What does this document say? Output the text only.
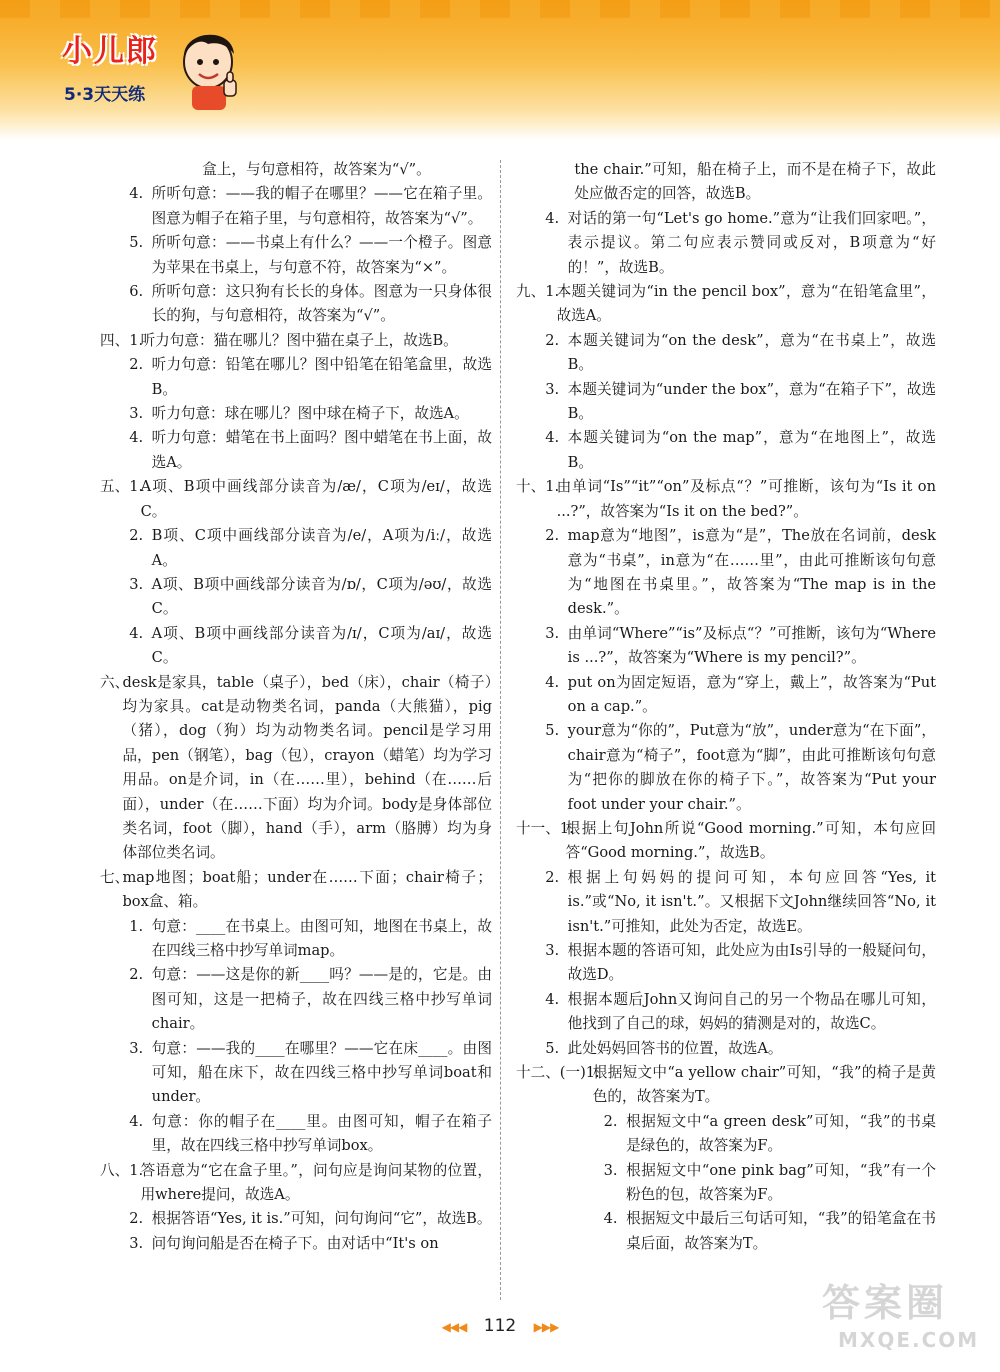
小儿郎
5·3天天练
盒上，与句意相符，故答案为“√”。
4. 所听句意：——我的帽子在哪里？——它在箱子里。图意为帽子在箱子里，与句意相符，故答案为“√”。
5. 所听句意：——书桌上有什么？——一个橙子。图意为苹果在书桌上，与句意不符，故答案为“×”。
6. 所听句意：这只狗有长长的身体。图意为一只身体很长的狗，与句意相符，故答案为“√”。
四、1.
听力句意：猫在哪儿？图中猫在桌子上，故选B。
2. 听力句意：铅笔在哪儿？图中铅笔在铅笔盒里，故选B。
3. 听力句意：球在哪儿？图中球在椅子下，故选A。
4. 听力句意：蜡笔在书上面吗？图中蜡笔在书上面，故选A。
五、1.
A项、B项中画线部分读音为/æ/，C项为/eɪ/，故选C。
2. B项、C项中画线部分读音为/e/，A项为/iː/，故选A。
3. A项、B项中画线部分读音为/ɒ/，C项为/əʊ/，故选C。
4. A项、B项中画线部分读音为/ɪ/，C项为/aɪ/，故选C。
六、
desk是家具，table（桌子），bed（床），chair（椅子）均为家具。cat是动物类名词，panda（大熊猫），pig（猪），dog（狗）均为动物类名词。pencil是学习用品，pen（钢笔），bag（包），crayon（蜡笔）均为学习用品。on是介词，in（在……里），behind（在……后面），under（在……下面）均为介词。body是身体部位类名词，foot（脚），hand（手），arm（胳膊）均为身体部位类名词。
七、
map地图；boat船；under在……下面；chair椅子；box盒、箱。
1. 句意：____在书桌上。由图可知，地图在书桌上，故在四线三格中抄写单词map。
2. 句意：——这是你的新____吗？——是的，它是。由图可知，这是一把椅子，故在四线三格中抄写单词chair。
3. 句意：——我的____在哪里？——它在床____。由图可知，船在床下，故在四线三格中抄写单词boat和under。
4. 句意：你的帽子在____里。由图可知，帽子在箱子里，故在四线三格中抄写单词box。
八、1.
答语意为“它在盒子里。”，问句应是询问某物的位置，用where提问，故选A。
2. 根据答语“Yes, it is.”可知，问句询问“它”，故选B。
3. 问句询问船是否在椅子下。由对话中“It's on
the chair.”可知，船在椅子上，而不是在椅子下，故此处应做否定的回答，故选B。
4. 对话的第一句“Let's go home.”意为“让我们回家吧。”，表示提议。第二句应表示赞同或反对，B项意为“好的！”，故选B。
九、1.
本题关键词为“in the pencil box”，意为“在铅笔盒里”，故选A。
2. 本题关键词为“on the desk”，意为“在书桌上”，故选B。
3. 本题关键词为“under the box”，意为“在箱子下”，故选B。
4. 本题关键词为“on the map”，意为“在地图上”，故选B。
十、1.
由单词“Is”“it”“on”及标点“？”可推断，该句为“Is it on ...?”，故答案为“Is it on the bed?”。
2. map意为“地图”，is意为“是”，The放在名词前，desk意为“书桌”，in意为“在……里”，由此可推断该句句意为“地图在书桌里。”，故答案为“The map is in the desk.”。
3. 由单词“Where”“is”及标点“？”可推断，该句为“Where is ...?”，故答案为“Where is my pencil?”。
4. put on为固定短语，意为“穿上，戴上”，故答案为“Put on a cap.”。
5. your意为“你的”，Put意为“放”，under意为“在下面”，chair意为“椅子”，foot意为“脚”，由此可推断该句句意为“把你的脚放在你的椅子下。”，故答案为“Put your foot under your chair.”。
十一、1.
根据上句John所说“Good morning.”可知，本句应回答“Good morning.”，故选B。
2. 根据上句妈妈的提问可知，本句应回答“Yes, it is.”或“No, it isn't.”。又根据下文John继续回答“No, it isn't.”可推知，此处为否定，故选E。
3. 根据本题的答语可知，此处应为由Is引导的一般疑问句，故选D。
4. 根据本题后John又询问自己的另一个物品在哪儿可知，他找到了自己的球，妈妈的猜测是对的，故选C。
5. 此处妈妈回答书的位置，故选A。
十二、(一)1.
根据短文中“a yellow chair”可知，“我”的椅子是黄色的，故答案为T。
2. 根据短文中“a green desk”可知，“我”的书桌是绿色的，故答案为F。
3. 根据短文中“one pink bag”可知，“我”有一个粉色的包，故答案为F。
4. 根据短文中最后三句话可知，“我”的铅笔盒在书桌后面，故答案为T。
◀◀◀ 112 ▶▶▶
答案圈
MXQE.COM
